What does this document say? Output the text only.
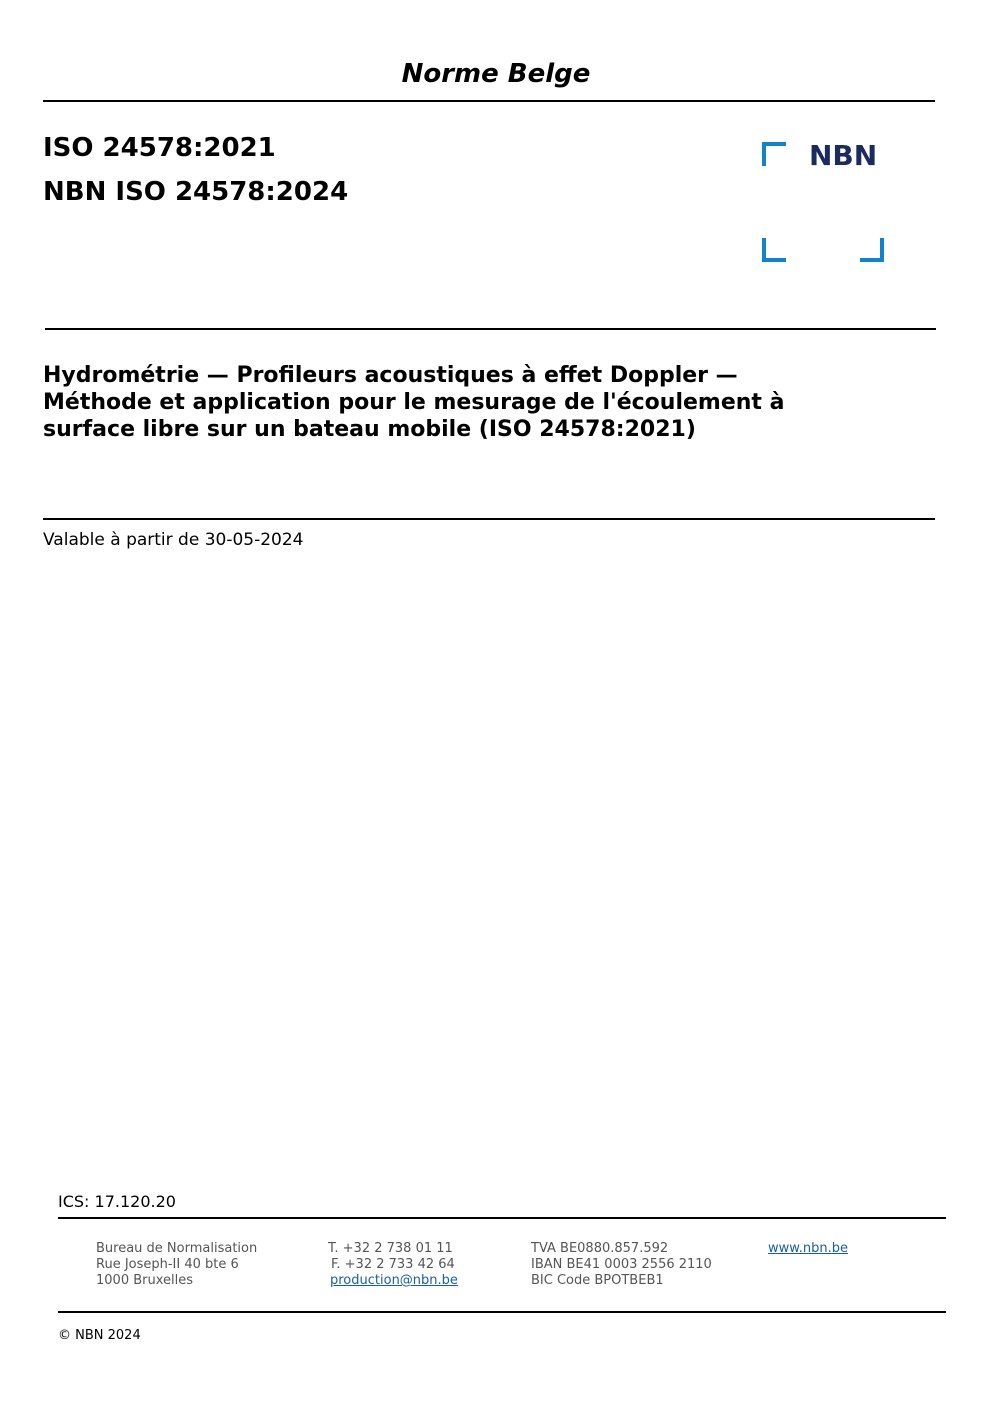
Norme Belge
ISO 24578:2021
NBN ISO 24578:2024
NBN
Hydrométrie — Profileurs acoustiques à effet Doppler —
Méthode et application pour le mesurage de l'écoulement à
surface libre sur un bateau mobile (ISO 24578:2021)
Valable à partir de 30-05-2024
ICS: 17.120.20
Bureau de Normalisation
Rue Joseph-II 40 bte 6
1000 Bruxelles
T. +32 2 738 01 11
F. +32 2 733 42 64
production@nbn.be
TVA BE0880.857.592
IBAN BE41 0003 2556 2110
BIC Code BPOTBEB1
www.nbn.be
© NBN 2024
